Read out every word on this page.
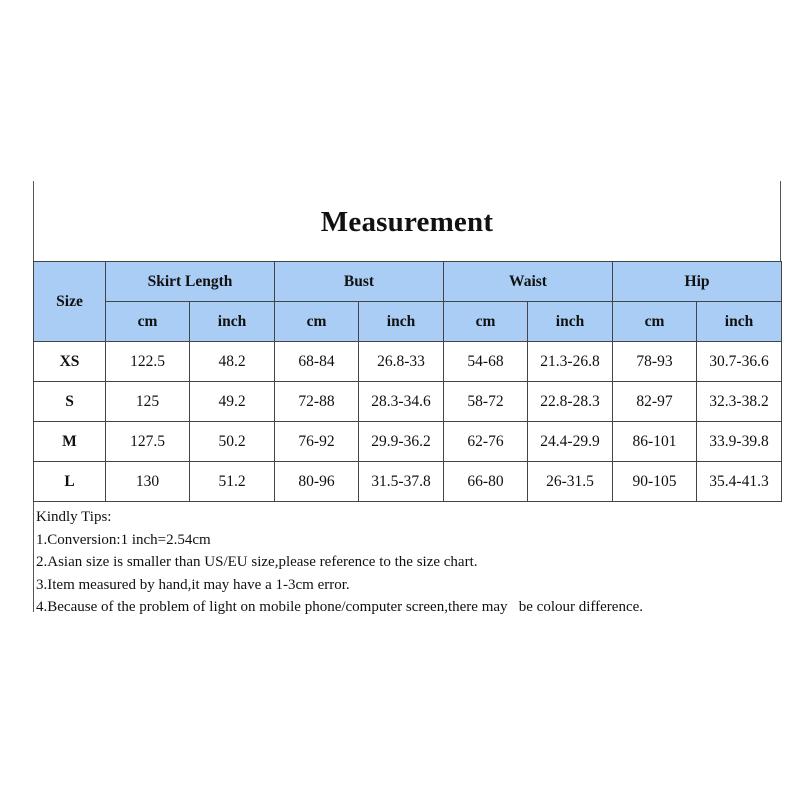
Measurement
Size	Skirt Length		Bust		Waist		Hip	
	cm	inch	cm	inch	cm	inch	cm	inch
XS	122.5	48.2	68-84	26.8-33	54-68	21.3-26.8	78-93	30.7-36.6
S	125	49.2	72-88	28.3-34.6	58-72	22.8-28.3	82-97	32.3-38.2
M	127.5	50.2	76-92	29.9-36.2	62-76	24.4-29.9	86-101	33.9-39.8
L	130	51.2	80-96	31.5-37.8	66-80	26-31.5	90-105	35.4-41.3
Kindly Tips:
1.Conversion:1 inch=2.54cm
2.Asian size is smaller than US/EU size,please reference to the size chart.
3.Item measured by hand,it may have a 1-3cm error.
4.Because of the problem of light on mobile phone/computer screen,there may   be colour difference.
